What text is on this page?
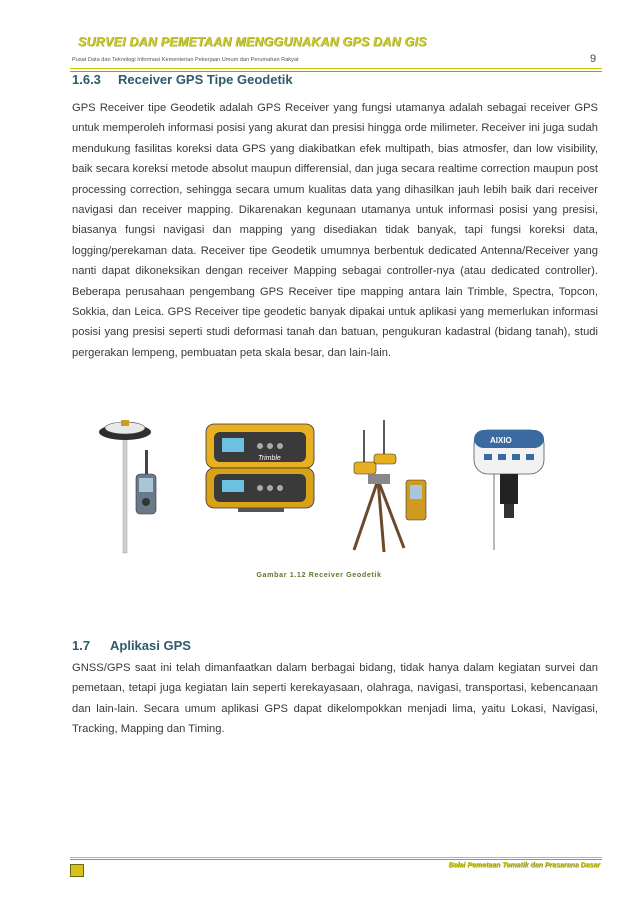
SURVEI DAN PEMETAAN MENGGUNAKAN GPS DAN GIS
Pusat Data dan Teknologi Informasi Kementerian Pekerjaan Umum dan Perumahan Rakyat	9
1.6.3 Receiver GPS Tipe Geodetik

GPS Receiver tipe Geodetik adalah GPS Receiver yang fungsi utamanya adalah sebagai receiver GPS untuk memperoleh informasi posisi yang akurat dan presisi hingga orde milimeter. Receiver ini juga sudah mendukung fasilitas koreksi data GPS yang diakibatkan efek multipath, bias atmosfer, dan low visibility, baik secara koreksi metode absolut maupun differensial, dan juga secara realtime correction maupun post processing correction, sehingga secara umum kualitas data yang dihasilkan jauh lebih baik dari receiver navigasi dan receiver mapping. Dikarenakan kegunaan utamanya untuk informasi posisi yang presisi, biasanya fungsi navigasi dan mapping yang disediakan tidak banyak, tapi fungsi koreksi data, logging/perekaman data. Receiver tipe Geodetik umumnya berbentuk dedicated Antenna/Receiver yang nanti dapat dikoneksikan dengan receiver Mapping sebagai controller-nya (atau dedicated controller). Beberapa perusahaan pengembang GPS Receiver tipe mapping antara lain Trimble, Spectra, Topcon, Sokkia, dan Leica. GPS Receiver tipe geodetic banyak dipakai untuk aplikasi yang memerlukan informasi posisi yang presisi seperti studi deformasi tanah dan batuan, pengukuran kadastral (bidang tanah), studi pergerakan lempeng, pembuatan peta skala besar, dan lain-lain.

Trimble
AIXIO
Gambar 1.12 Receiver Geodetik
1.7 Aplikasi GPS

GNSS/GPS saat ini telah dimanfaatkan dalam berbagai bidang, tidak hanya dalam kegiatan survei dan pemetaan, tetapi juga kegiatan lain seperti kerekayasaan, olahraga, navigasi, transportasi, kebencanaan dan lain-lain. Secara umum aplikasi GPS dapat dikelompokkan menjadi lima, yaitu Lokasi, Navigasi, Tracking, Mapping dan Timing.

Balai Pemetaan Tematik dan Prasarana Dasar
